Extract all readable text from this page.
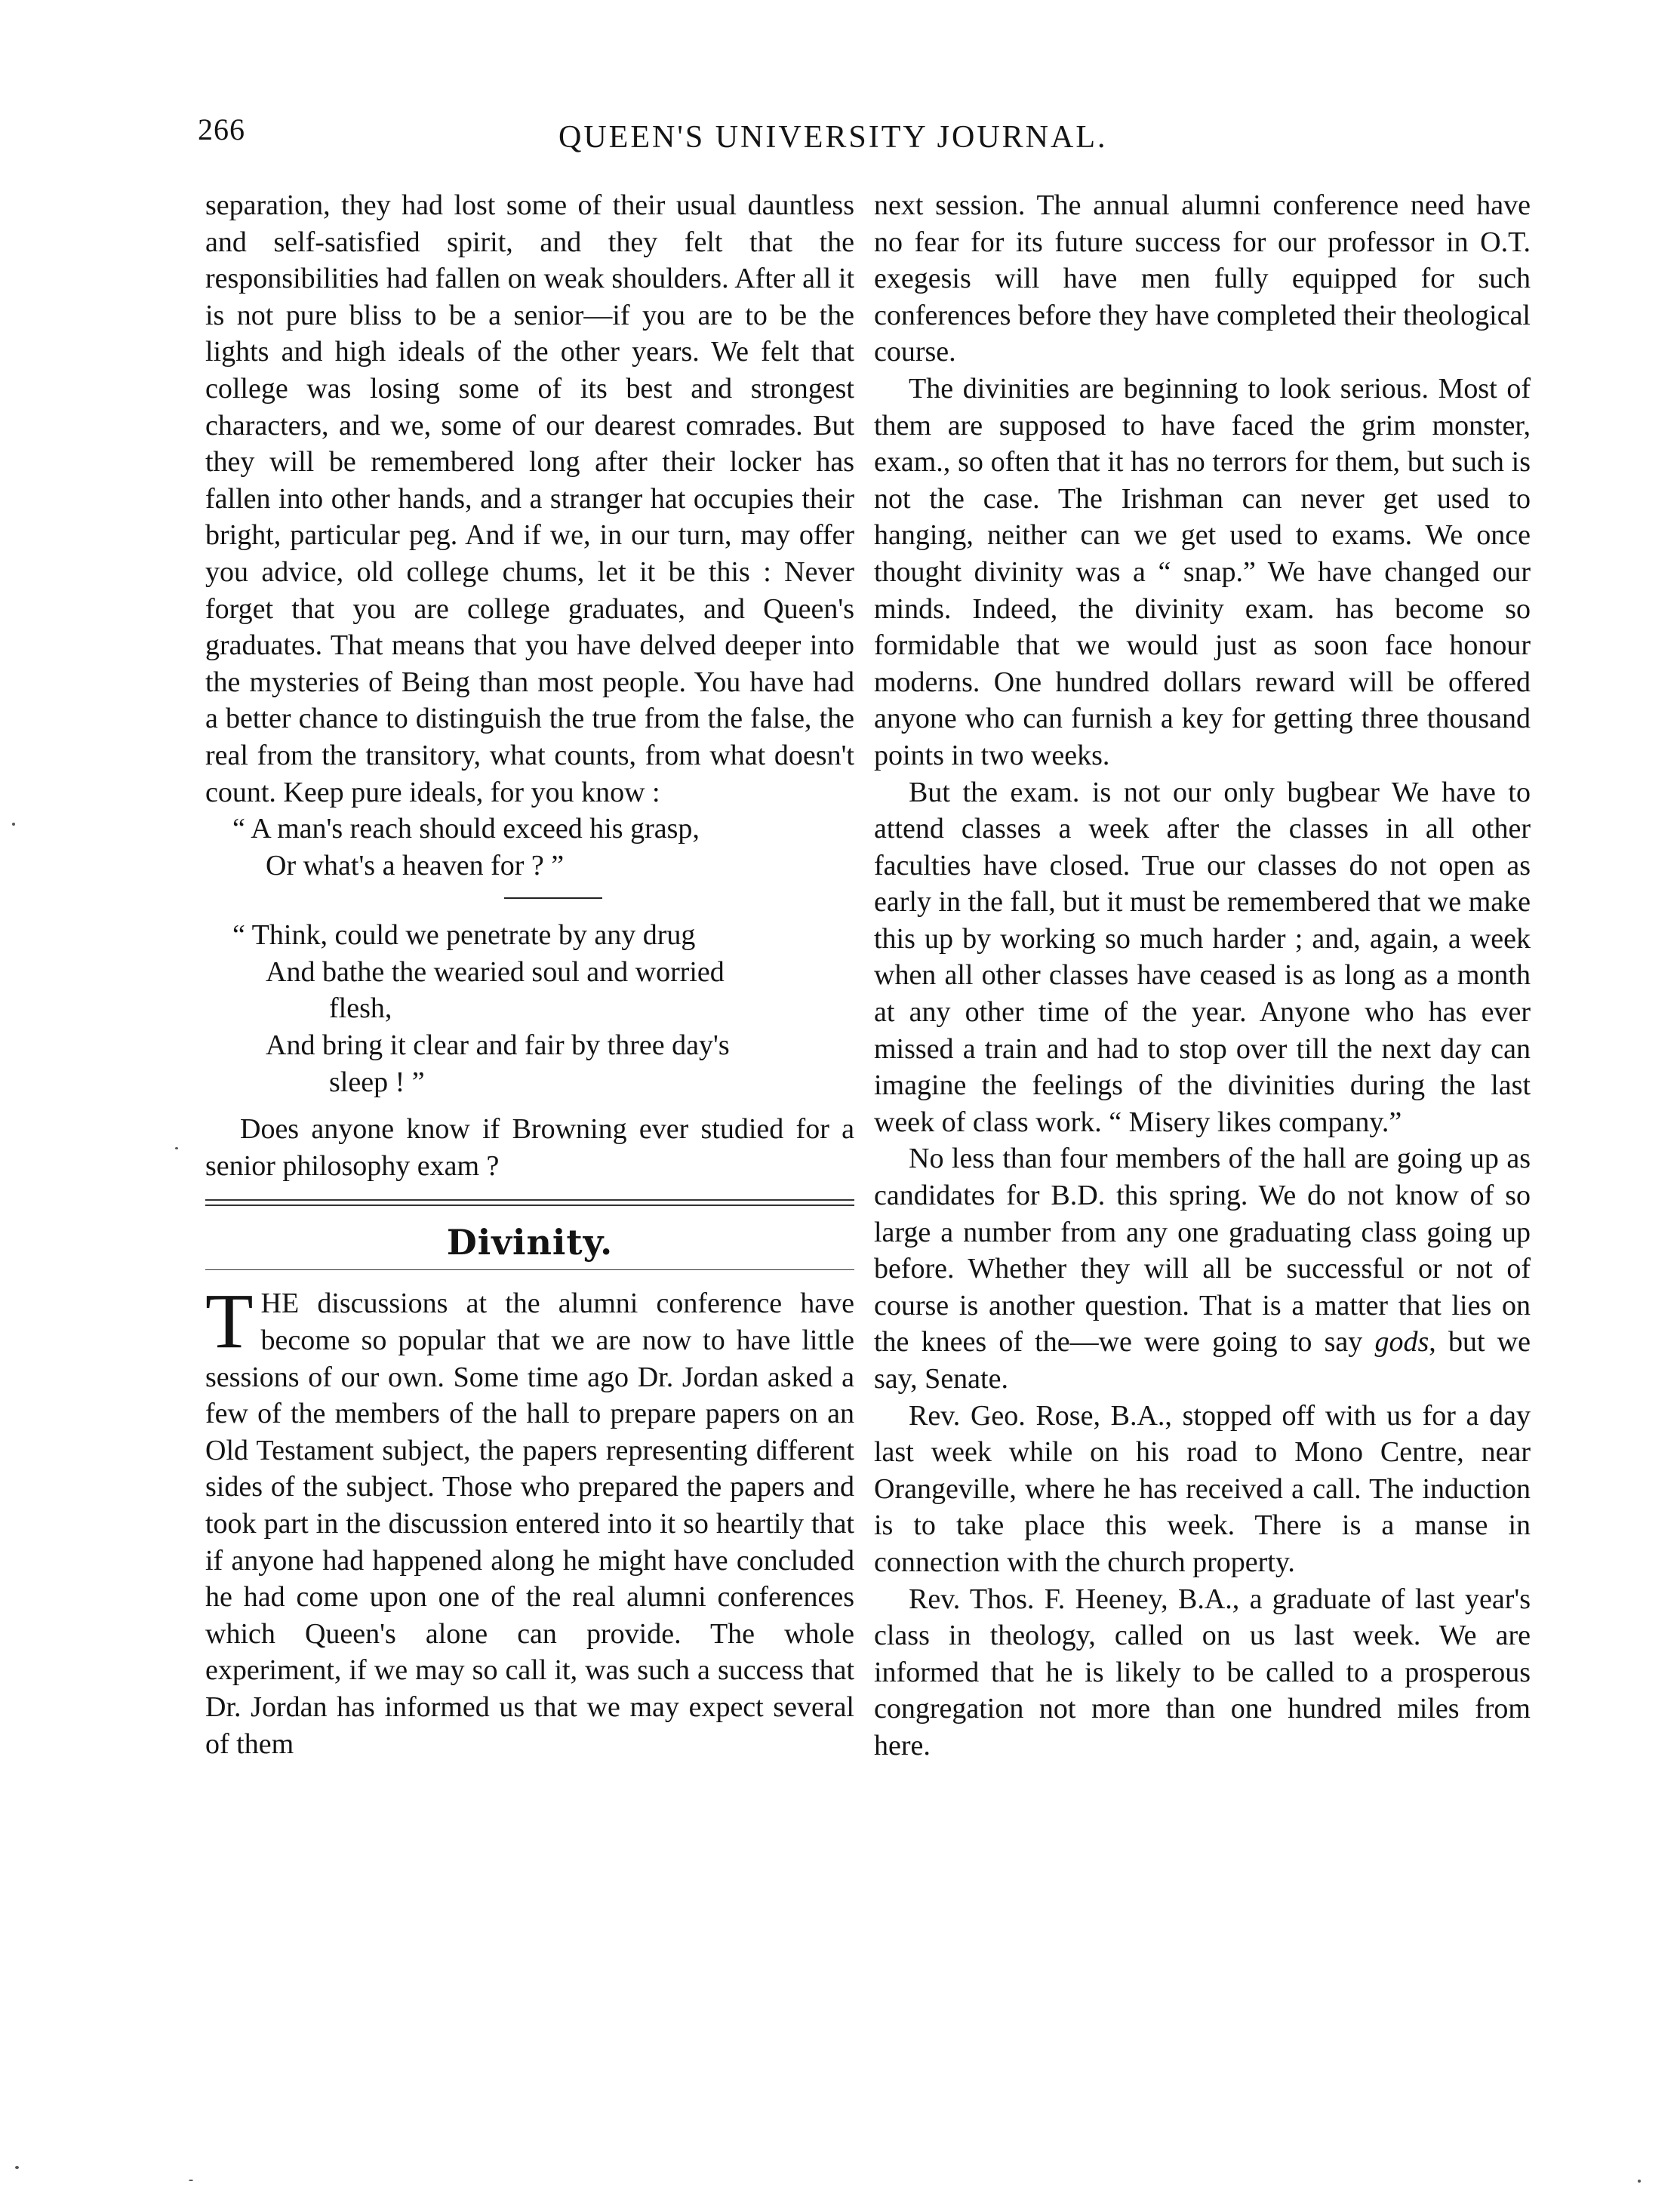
266	QUEEN'S UNIVERSITY JOURNAL.

separation, they had lost some of their usual dauntless and self-satisfied spirit, and they felt that the responsibilities had fallen on weak shoulders. After all it is not pure bliss to be a senior—if you are to be the lights and high ideals of the other years. We felt that college was losing some of its best and strongest characters, and we, some of our dearest comrades. But they will be remembered long after their locker has fallen into other hands, and a stranger hat occupies their bright, particular peg. And if we, in our turn, may offer you advice, old college chums, let it be this : Never forget that you are college graduates, and Queen's graduates. That means that you have delved deeper into the mysteries of Being than most people. You have had a better chance to distinguish the true from the false, the real from the transitory, what counts, from what doesn't count. Keep pure ideals, for you know :

“ A man's reach should exceed his grasp,
Or what's a heaven for ? ”
“ Think, could we penetrate by any drug
And bathe the wearied soul and worried
flesh,
And bring it clear and fair by three day's
sleep ! ”

Does anyone know if Browning ever studied for a senior philosophy exam ?

Divinity.

THE discussions at the alumni conference have become so popular that we are now to have little sessions of our own. Some time ago Dr. Jordan asked a few of the members of the hall to prepare papers on an Old Testament subject, the papers representing different sides of the subject. Those who prepared the papers and took part in the discussion entered into it so heartily that if anyone had happened along he might have concluded he had come upon one of the real alumni conferences which Queen's alone can provide. The whole experiment, if we may so call it, was such a success that Dr. Jordan has informed us that we may expect several of them

next session. The annual alumni conference need have no fear for its future success for our professor in O.T. exegesis will have men fully equipped for such conferences before they have completed their theological course.

The divinities are beginning to look serious. Most of them are supposed to have faced the grim monster, exam., so often that it has no terrors for them, but such is not the case. The Irishman can never get used to hanging, neither can we get used to exams. We once thought divinity was a “ snap.” We have changed our minds. Indeed, the divinity exam. has become so formidable that we would just as soon face honour moderns. One hundred dollars reward will be offered anyone who can furnish a key for getting three thousand points in two weeks.

But the exam. is not our only bugbear We have to attend classes a week after the classes in all other faculties have closed. True our classes do not open as early in the fall, but it must be remembered that we make this up by working so much harder ; and, again, a week when all other classes have ceased is as long as a month at any other time of the year. Anyone who has ever missed a train and had to stop over till the next day can imagine the feelings of the divinities during the last week of class work. “ Misery likes company.”

No less than four members of the hall are going up as candidates for B.D. this spring. We do not know of so large a number from any one graduating class going up before. Whether they will all be successful or not of course is another question. That is a matter that lies on the knees of the—we were going to say gods, but we say, Senate.

Rev. Geo. Rose, B.A., stopped off with us for a day last week while on his road to Mono Centre, near Orangeville, where he has received a call. The induction is to take place this week. There is a manse in connection with the church property.

Rev. Thos. F. Heeney, B.A., a graduate of last year's class in theology, called on us last week. We are informed that he is likely to be called to a prosperous congregation not more than one hundred miles from here.
